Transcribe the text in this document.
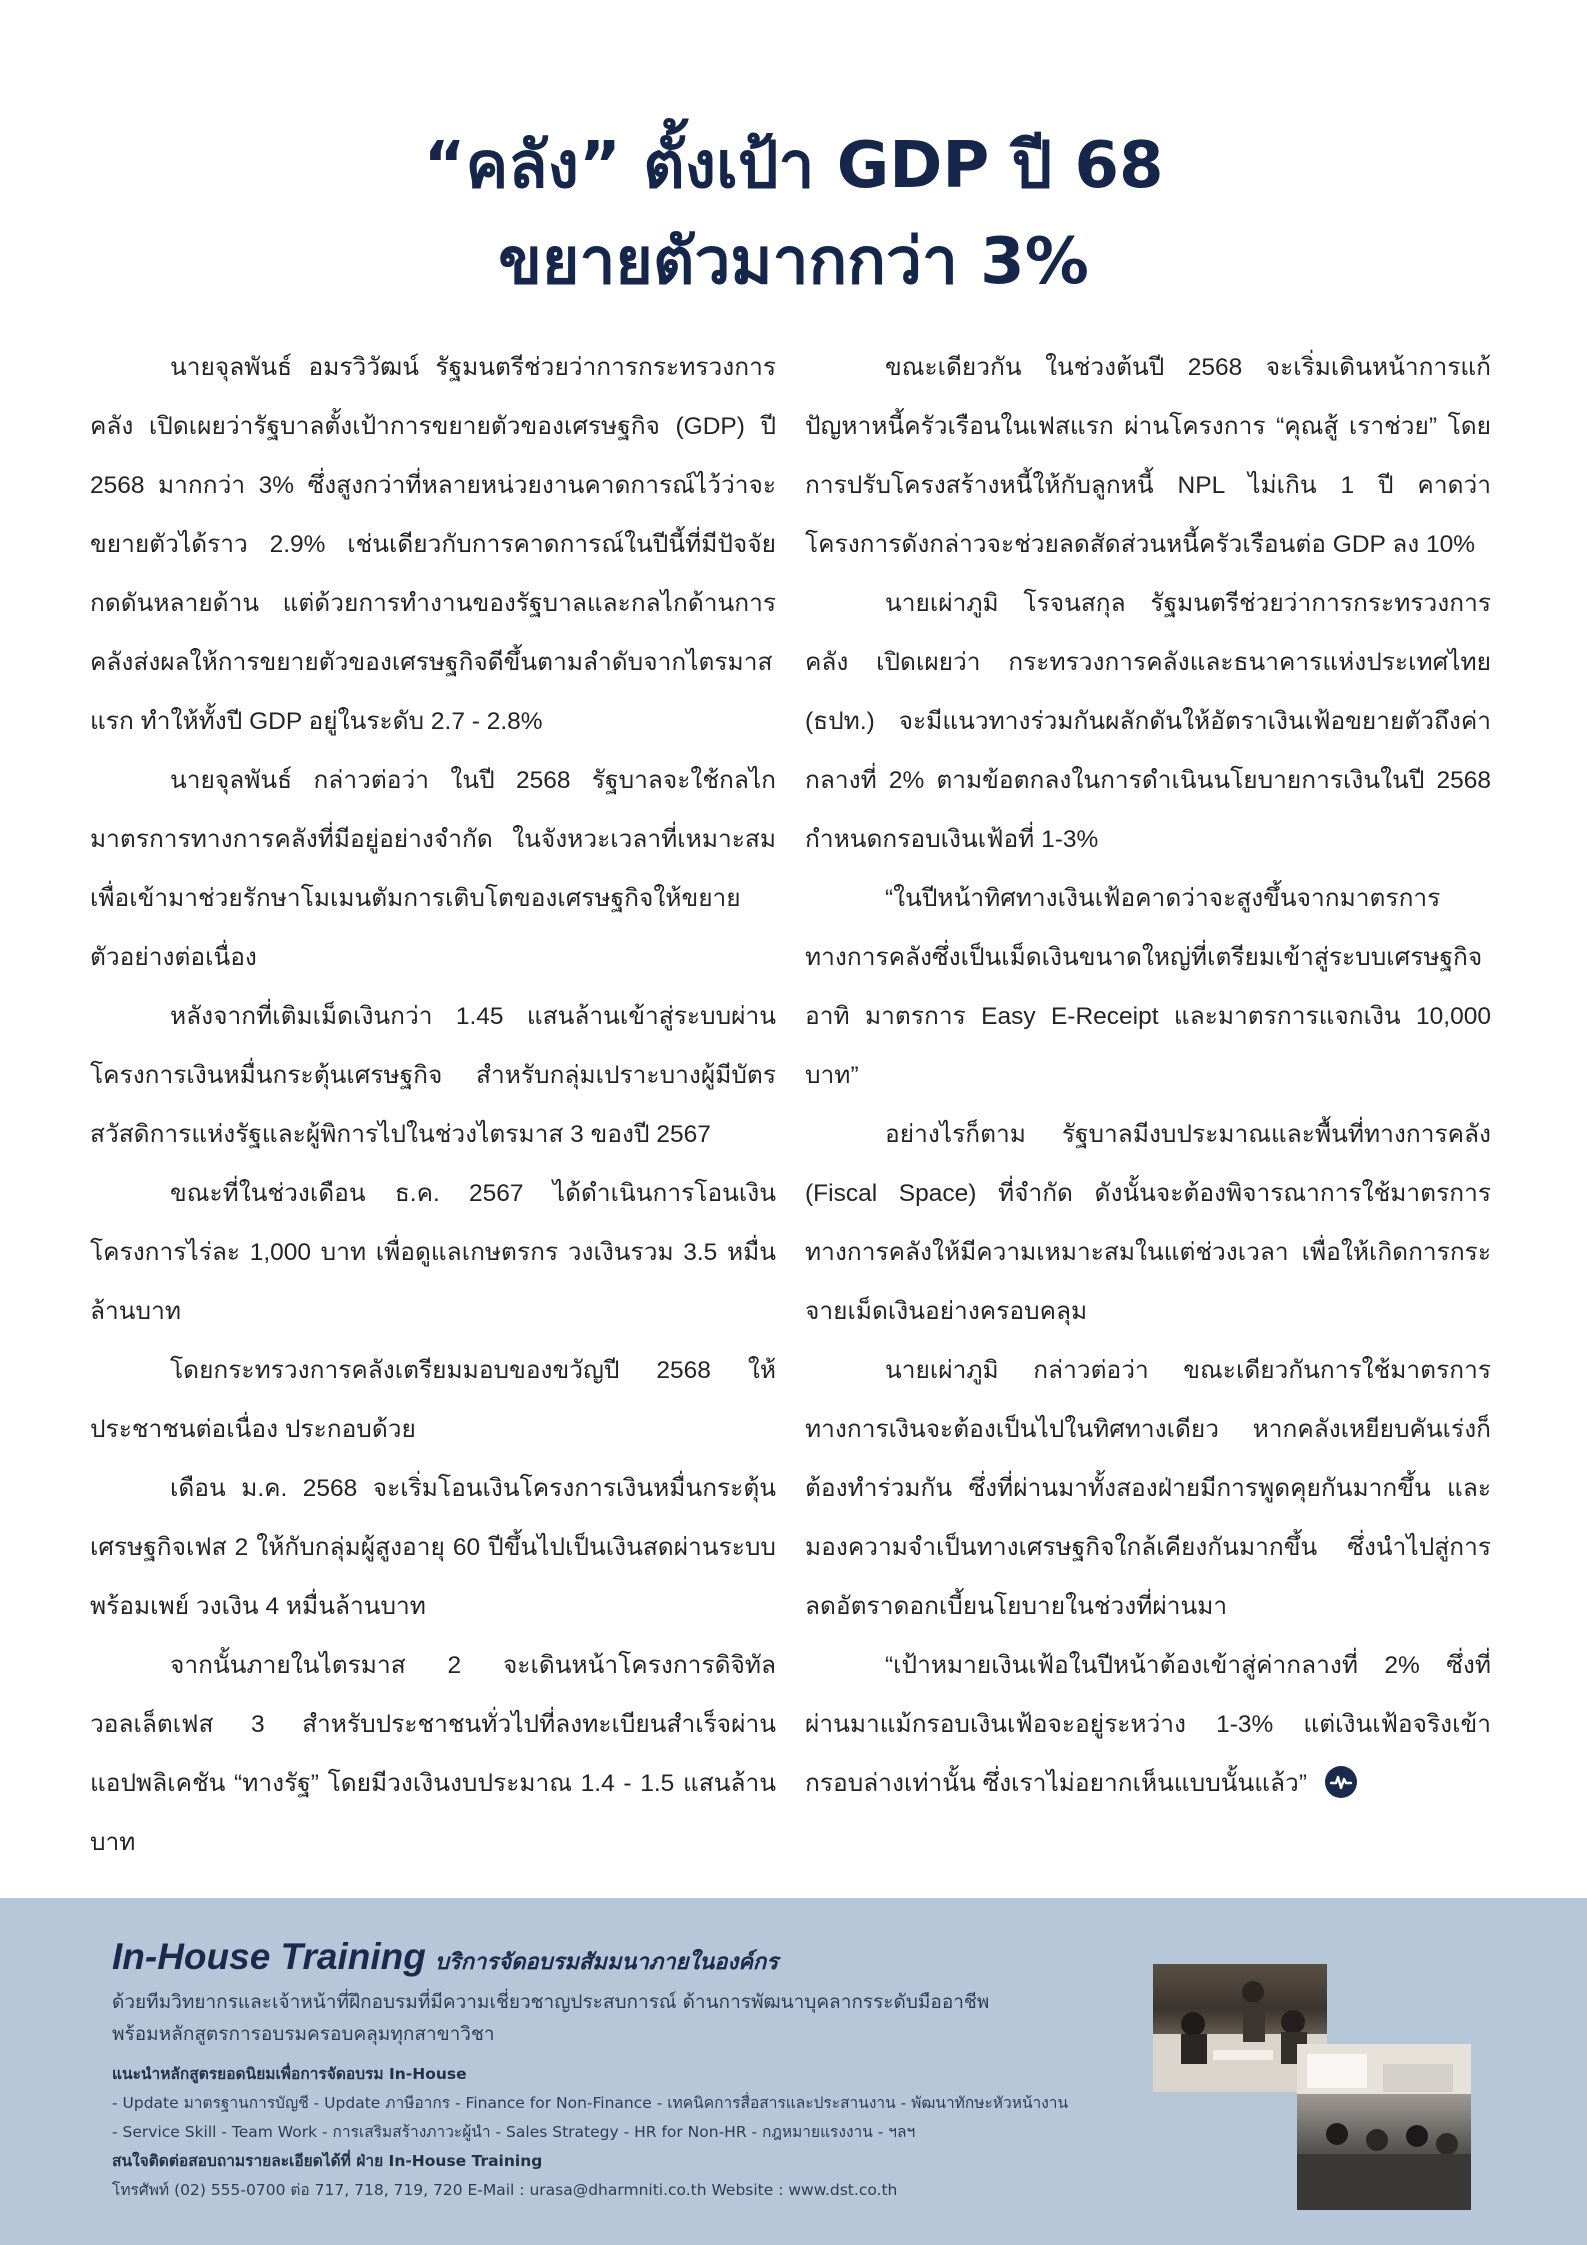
“คลัง” ตั้งเป้า GDP ปี 68
ขยายตัวมากกว่า 3%

นายจุลพันธ์ อมรวิวัฒน์ รัฐมนตรีช่วยว่าการกระทรวงการคลัง เปิดเผยว่ารัฐบาลตั้งเป้าการขยายตัวของเศรษฐกิจ (GDP) ปี 2568 มากกว่า 3% ซึ่งสูงกว่าที่หลายหน่วยงานคาดการณ์ไว้ว่าจะขยายตัวได้ราว 2.9% เช่นเดียวกับการคาดการณ์ในปีนี้ที่มีปัจจัยกดดันหลายด้าน แต่ด้วยการทำงานของรัฐบาลและกลไกด้านการคลังส่งผลให้การขยายตัวของเศรษฐกิจดีขึ้นตามลำดับจากไตรมาสแรก ทำให้ทั้งปี GDP อยู่ในระดับ 2.7 - 2.8%

นายจุลพันธ์ กล่าวต่อว่า ในปี 2568 รัฐบาลจะใช้กลไกมาตรการทางการคลังที่มีอยู่อย่างจำกัด ในจังหวะเวลาที่เหมาะสมเพื่อเข้ามาช่วยรักษาโมเมนตัมการเติบโตของเศรษฐกิจให้ขยายตัวอย่างต่อเนื่อง

หลังจากที่เติมเม็ดเงินกว่า 1.45 แสนล้านเข้าสู่ระบบผ่านโครงการเงินหมื่นกระตุ้นเศรษฐกิจ สำหรับกลุ่มเปราะบางผู้มีบัตรสวัสดิการแห่งรัฐและผู้พิการไปในช่วงไตรมาส 3 ของปี 2567

ขณะที่ในช่วงเดือน ธ.ค. 2567 ได้ดำเนินการโอนเงินโครงการไร่ละ 1,000 บาท เพื่อดูแลเกษตรกร วงเงินรวม 3.5 หมื่นล้านบาท

โดยกระทรวงการคลังเตรียมมอบของขวัญปี 2568 ให้ประชาชนต่อเนื่อง ประกอบด้วย

เดือน ม.ค. 2568 จะเริ่มโอนเงินโครงการเงินหมื่นกระตุ้นเศรษฐกิจเฟส 2 ให้กับกลุ่มผู้สูงอายุ 60 ปีขึ้นไปเป็นเงินสดผ่านระบบพร้อมเพย์ วงเงิน 4 หมื่นล้านบาท

จากนั้นภายในไตรมาส 2 จะเดินหน้าโครงการดิจิทัลวอลเล็ตเฟส 3 สำหรับประชาชนทั่วไปที่ลงทะเบียนสำเร็จผ่านแอปพลิเคชัน “ทางรัฐ” โดยมีวงเงินงบประมาณ 1.4 - 1.5 แสนล้านบาท

ขณะเดียวกัน ในช่วงต้นปี 2568 จะเริ่มเดินหน้าการแก้ปัญหาหนี้ครัวเรือนในเฟสแรก ผ่านโครงการ “คุณสู้ เราช่วย” โดยการปรับโครงสร้างหนี้ให้กับลูกหนี้ NPL ไม่เกิน 1 ปี คาดว่าโครงการดังกล่าวจะช่วยลดสัดส่วนหนี้ครัวเรือนต่อ GDP ลง 10%

นายเผ่าภูมิ โรจนสกุล รัฐมนตรีช่วยว่าการกระทรวงการคลัง เปิดเผยว่า กระทรวงการคลังและธนาคารแห่งประเทศไทย (ธปท.) จะมีแนวทางร่วมกันผลักดันให้อัตราเงินเฟ้อขยายตัวถึงค่ากลางที่ 2% ตามข้อตกลงในการดำเนินนโยบายการเงินในปี 2568 กำหนดกรอบเงินเฟ้อที่ 1-3%

“ในปีหน้าทิศทางเงินเฟ้อคาดว่าจะสูงขึ้นจากมาตรการทางการคลังซึ่งเป็นเม็ดเงินขนาดใหญ่ที่เตรียมเข้าสู่ระบบเศรษฐกิจ อาทิ มาตรการ Easy E-Receipt และมาตรการแจกเงิน 10,000 บาท”

อย่างไรก็ตาม รัฐบาลมีงบประมาณและพื้นที่ทางการคลัง (Fiscal Space) ที่จำกัด ดังนั้นจะต้องพิจารณาการใช้มาตรการทางการคลังให้มีความเหมาะสมในแต่ช่วงเวลา เพื่อให้เกิดการกระจายเม็ดเงินอย่างครอบคลุม

นายเผ่าภูมิ กล่าวต่อว่า ขณะเดียวกันการใช้มาตรการทางการเงินจะต้องเป็นไปในทิศทางเดียว หากคลังเหยียบคันเร่งก็ต้องทำร่วมกัน ซึ่งที่ผ่านมาทั้งสองฝ่ายมีการพูดคุยกันมากขึ้น และมองความจำเป็นทางเศรษฐกิจใกล้เคียงกันมากขึ้น ซึ่งนำไปสู่การลดอัตราดอกเบี้ยนโยบายในช่วงที่ผ่านมา

“เป้าหมายเงินเฟ้อในปีหน้าต้องเข้าสู่ค่ากลางที่ 2% ซึ่งที่ผ่านมาแม้กรอบเงินเฟ้อจะอยู่ระหว่าง 1-3% แต่เงินเฟ้อจริงเข้ากรอบล่างเท่านั้น ซึ่งเราไม่อยากเห็นแบบนั้นแล้ว”

In-House Training บริการจัดอบรมสัมมนาภายในองค์กร
ด้วยทีมวิทยากรและเจ้าหน้าที่ฝึกอบรมที่มีความเชี่ยวชาญประสบการณ์ ด้านการพัฒนาบุคลากรระดับมืออาชีพ
พร้อมหลักสูตรการอบรมครอบคลุมทุกสาขาวิชา
แนะนำหลักสูตรยอดนิยมเพื่อการจัดอบรม In-House
- Update มาตรฐานการบัญชี - Update ภาษีอากร - Finance for Non-Finance - เทคนิคการสื่อสารและประสานงาน - พัฒนาทักษะหัวหน้างาน
- Service Skill - Team Work - การเสริมสร้างภาวะผู้นำ - Sales Strategy - HR for Non-HR - กฎหมายแรงงาน - ฯลฯ
สนใจติดต่อสอบถามรายละเอียดได้ที่ ฝ่าย In-House Training
โทรศัพท์ (02) 555-0700 ต่อ 717, 718, 719, 720 E-Mail : urasa@dharmniti.co.th Website : www.dst.co.th
